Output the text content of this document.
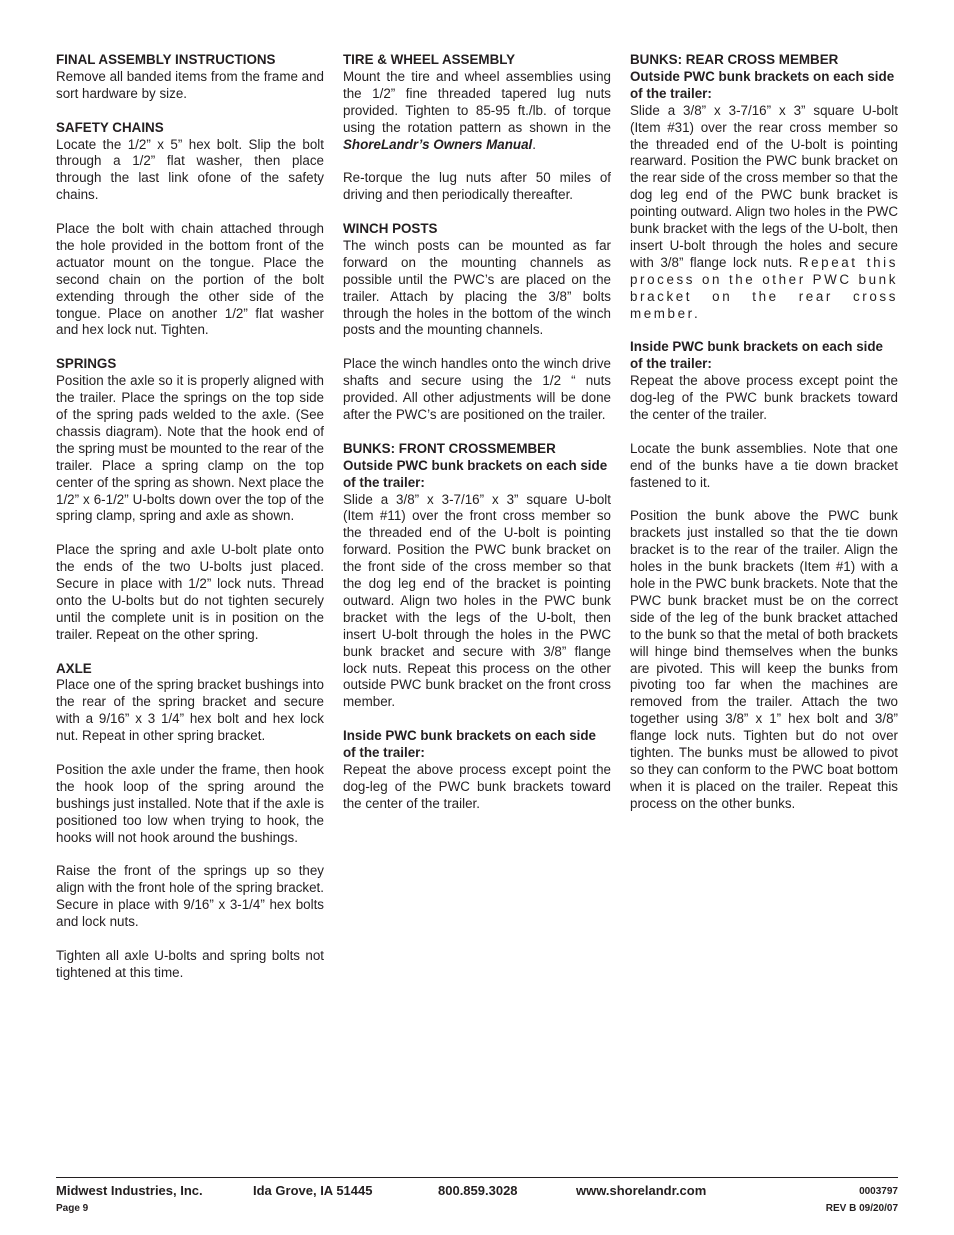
FINAL ASSEMBLY INSTRUCTIONS

Remove all banded items from the frame and sort hardware by size.

SAFETY CHAINS

Locate the 1/2” x 5” hex bolt. Slip the bolt through a 1/2” flat washer, then place through the last link ofone of the safety chains.

Place the bolt with chain attached through the hole provided in the bottom front of the actuator mount on the tongue. Place the second chain on the portion of the bolt extending through the other side of the tongue. Place on another 1/2” flat washer and hex lock nut. Tighten.

SPRINGS

Position the axle so it is properly aligned with the trailer. Place the springs on the top side of the spring pads welded to the axle. (See chassis diagram). Note that the hook end of the spring must be mounted to the rear of the trailer. Place a spring clamp on the top center of the spring as shown. Next place the 1/2” x 6-1/2” U-bolts down over the top of the spring clamp, spring and axle as shown.

Place the spring and axle U-bolt plate onto the ends of the two U-bolts just placed. Secure in place with 1/2” lock nuts. Thread onto the U-bolts but do not tighten securely until the complete unit is in position on the trailer. Repeat on the other spring.

AXLE

Place one of the spring bracket bushings into the rear of the spring bracket and secure with a 9/16” x 3 1/4” hex bolt and hex lock nut. Repeat in other spring bracket.

Position the axle under the frame, then hook the hook loop of the spring around the bushings just installed. Note that if the axle is positioned too low when trying to hook, the hooks will not hook around the bushings.

Raise the front of the springs up so they align with the front hole of the spring bracket. Secure in place with 9/16” x 3-1/4” hex bolts and lock nuts.

Tighten all axle U-bolts and spring bolts not tightened at this time.

TIRE & WHEEL ASSEMBLY

Mount the tire and wheel assemblies using the 1/2” fine threaded tapered lug nuts provided. Tighten to 85-95 ft./lb. of torque using the rotation pattern as shown in the ShoreLandr’s Owners Manual.

Re-torque the lug nuts after 50 miles of driving and then periodically thereafter.

WINCH POSTS

The winch posts can be mounted as far forward on the mounting channels as possible until the PWC’s are placed on the trailer. Attach by placing the 3/8” bolts through the holes in the bottom of the winch posts and the mounting channels.

Place the winch handles onto the winch drive shafts and secure using the 1/2 “ nuts provided. All other adjustments will be done after the PWC’s are positioned on the trailer.

BUNKS: FRONT CROSSMEMBER
Outside PWC bunk brackets on each side of the trailer:

Slide a 3/8” x 3-7/16” x 3” square U-bolt (Item #11) over the front cross member so the threaded end of the U-bolt is pointing forward. Position the PWC bunk bracket on the front side of the cross member so that the dog leg end of the bracket is pointing outward. Align two holes in the PWC bunk bracket with the legs of the U-bolt, then insert U-bolt through the holes in the PWC bunk bracket and secure with 3/8” flange lock nuts. Repeat this process on the other outside PWC bunk bracket on the front cross member.

Inside PWC bunk brackets on each side of the trailer:

Repeat the above process except point the dog-leg of the PWC bunk brackets toward the center of the trailer.

BUNKS: REAR CROSS MEMBER
Outside PWC bunk brackets on each side of the trailer:

Slide a 3/8” x 3-7/16” x 3” square U-bolt (Item #31) over the rear cross member so the threaded end of the U-bolt is pointing rearward. Position the PWC bunk bracket on the rear side of the cross member so that the dog leg end of the PWC bunk bracket is pointing outward. Align two holes in the PWC bunk bracket with the legs of the U-bolt, then insert U-bolt through the holes and secure with 3/8” flange lock nuts. Repeat this process on the other PWC bunk bracket on the rear cross member.

Inside PWC bunk brackets on each side of the trailer:

Repeat the above process except point the dog-leg of the PWC bunk brackets toward the center of the trailer.

Locate the bunk assemblies. Note that one end of the bunks have a tie down bracket fastened to it.

Position the bunk above the PWC bunk brackets just installed so that the tie down bracket is to the rear of the trailer. Align the holes in the bunk brackets (Item #1) with a hole in the PWC bunk brackets. Note that the PWC bunk bracket must be on the correct side of the leg of the bunk bracket attached to the bunk so that the metal of both brackets will hinge bind themselves when the bunks are pivoted. This will keep the bunks from pivoting too far when the machines are removed from the trailer. Attach the two together using 3/8” x 1” hex bolt and 3/8” flange lock nuts. Tighten but do not over tighten. The bunks must be allowed to pivot so they can conform to the PWC boat bottom when it is placed on the trailer. Repeat this process on the other bunks.

Midwest Industries, Inc.	Ida Grove, IA 51445	800.859.3028	www.shorelandr.com	0003797
Page 9	REV B 09/20/07
